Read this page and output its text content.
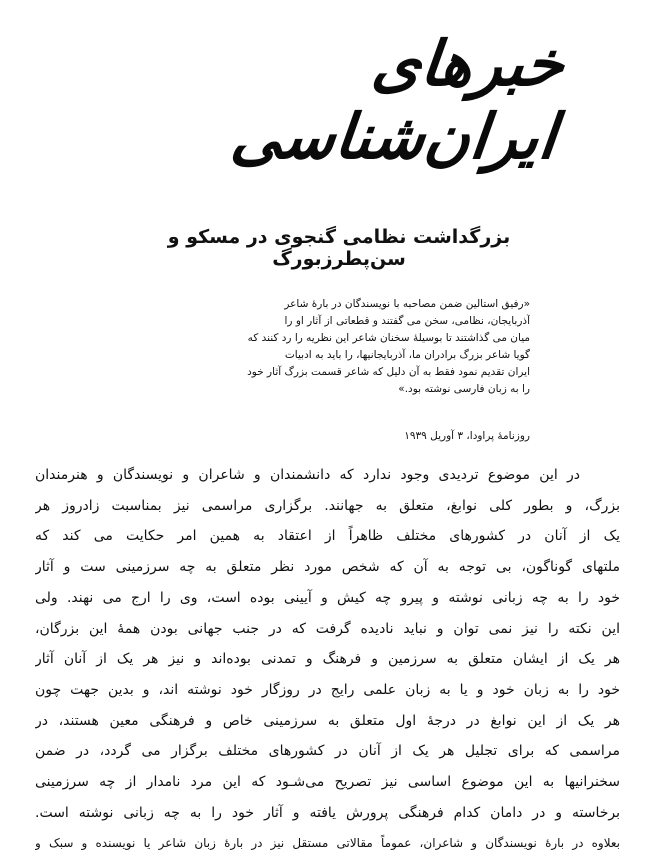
خبرهای ایران‌شناسی
بزرگداشت نظامی گنجوی در مسکو و سن‌پطرزبورگ
«رفیق استالین ضمن مصاحبه با نویسندگان در بارهٔ شاعر
آذربایجان، نظامی، سخن می گفتند و قطعاتی از آثار او را
میان می گذاشتند تا بوسیلهٔ سخنان شاعر این نظریه را رد کنند که
گویا شاعر بزرگ برادران ما، آذربایجانیها، را باید به ادبیات
ایران تقدیم نمود فقط به آن دلیل که شاعر قسمت بزرگ آثار خود
را به زبان فارسی نوشته بود.»
روزنامهٔ پراودا، ۳ آوریل ۱۹۳۹
در این موضوع تردیدی وجود ندارد که دانشمندان و شاعران و نویسندگان و هنرمندان
بزرگ، و بطور کلی نوابغ، متعلق به جهانند. برگزاری مراسمی نیز بمناسبت زادروز هر
یک از آنان در کشورهای مختلف ظاهراً از اعتقاد به همین امر حکایت می کند که
ملتهای گوناگون، بی توجه به آن که شخص مورد نظر متعلق به چه سرزمینی ست و آثار
خود را به چه زبانی نوشته و پیرو چه کیش و آیینی بوده است، وی را ارج می نهند. ولی
این نکته را نیز نمی توان و نباید نادیده گرفت که در جنب جهانی بودن همهٔ این بزرگان،
هر یک از ایشان متعلق به سرزمین و فرهنگ و تمدنی بوده‌اند و نیز هر یک از آنان آثار
خود را به زبان خود و یا به زبان علمی رایج در روزگار خود نوشته اند، و بدین جهت چون
هر یک از این نوابغ در درجهٔ اول متعلق به سرزمینی خاص و فرهنگی معین هستند، در
مراسمی که برای تجلیل هر یک از آنان در کشورهای مختلف برگزار می گردد، در ضمن
سخنرانیها به این موضوع اساسی نیز تصریح می‌شـود که این مرد نامدار از چه سرزمینی
برخاسته و در دامان کدام فرهنگی پرورش یافته و آثار خود را به چه زبانی نوشته است.
بعلاوه در بارهٔ نویسندگان و شاعران، عموماً مقالاتی مستقل نیز در بارهٔ زبان شاعر یا نویسنده و سبک و
